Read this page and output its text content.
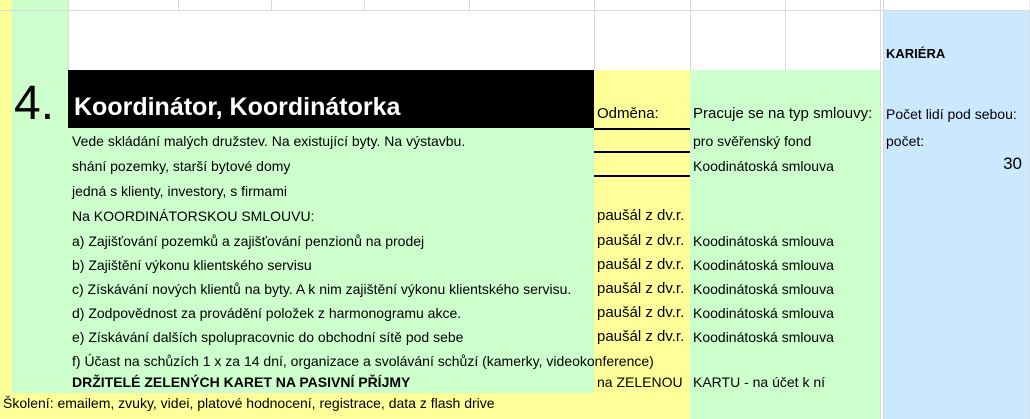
4. Koordinátor, Koordinátorka	Odměna: Pracuje se na typ smlouvy:
KARIÉRA
Počet lidí pod sebou:
počet:
30
Vede skládání malých družstev. Na existující byty. Na výstavbu.	pro svěřenský fond
shání pozemky, starší bytové domy	Koodinátoská smlouva
jedná s klienty, investory, s firmami
Na KOORDINÁTORSKOU SMLOUVU:	paušál z dv.r.
a) Zajišťování pozemků a zajišťování penzionů na prodej	paušál z dv.r. Koodinátoská smlouva
b) Zajištění výkonu klientského servisu	paušál z dv.r. Koodinátoská smlouva
c) Získávání nových klientů na byty. A k nim zajištění výkonu klientského servisu. paušál z dv.r. Koodinátoská smlouva
d) Zodpovědnost za provádění položek z harmonogramu akce.	paušál z dv.r. Koodinátoská smlouva
e) Získávání dalších spolupracovnic do obchodní sítě pod sebe	paušál z dv.r. Koodinátoská smlouva
f) Účast na schůzích 1 x za 14 dní, organizace a svolávání schůzí (kamerky, videokonference)
DRŽITELÉ ZELENÝCH KARET NA PASIVNÍ PŘÍJMY	na ZELENOU KARTU - na účet k ní
Školení: emailem, zvuky, videi, platové hodnocení, registrace, data z flash drive
